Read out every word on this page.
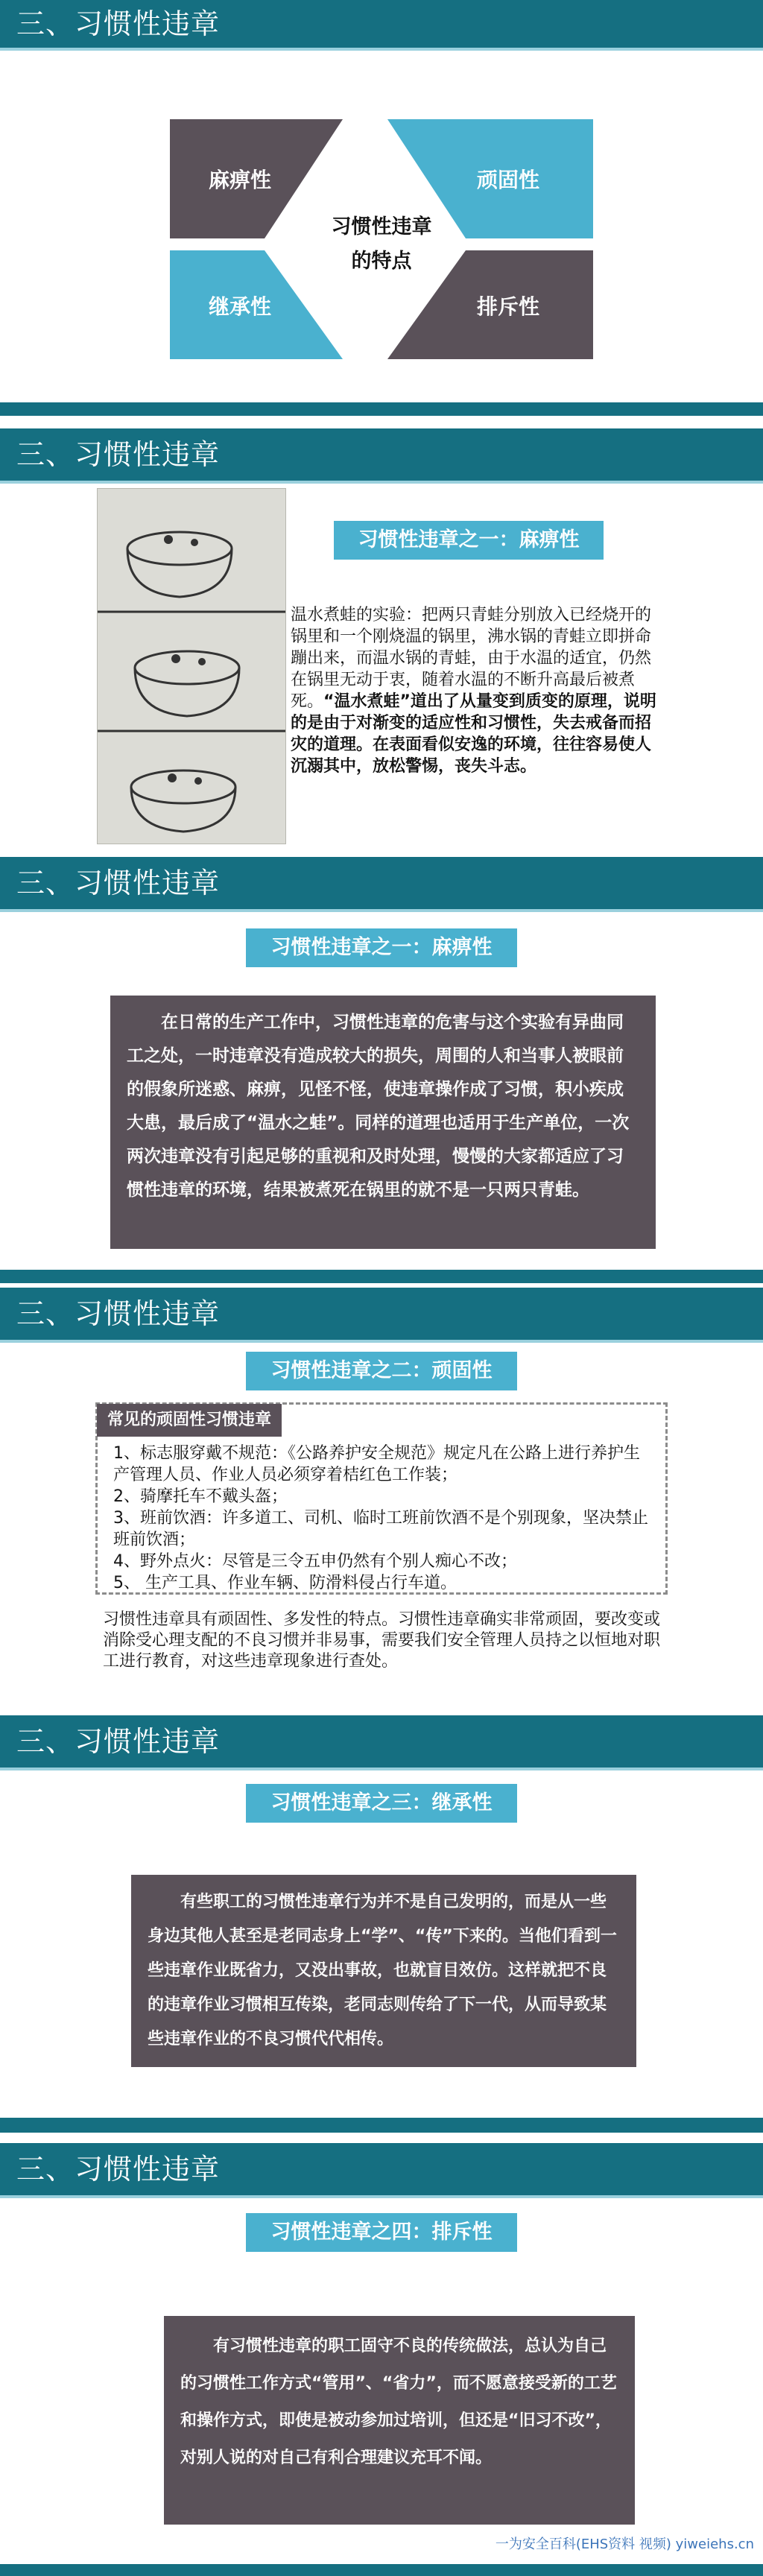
三、习惯性违章
麻痹性	顽固性
继承性	排斥性
习惯性违章
的特点
三、习惯性违章
习惯性违章之一：麻痹性
温水煮蛙的实验：把两只青蛙分别放入已经烧开的　锅里和一个刚烧温的锅里，沸水锅的青蛙立即拼命　蹦出来，而温水锅的青蛙，由于水温的适宜，仍然在锅里无动于衷，随着水温的不断升高最后被煮死。“温水煮蛙”道出了从量变到质变的原理，说明的是由于对渐变的适应性和习惯性，失去戒备而招灾的道理。在表面看似安逸的环境，往往容易使人沉溺其中，放松警惕，丧失斗志。
三、习惯性违章
习惯性违章之一：麻痹性
在日常的生产工作中，习惯性违章的危害与这个实验有异曲同工之处，一时违章没有造成较大的损失，周围的人和当事人被眼前的假象所迷惑、麻痹，见怪不怪，使违章操作成了习惯，积小疾成大患，最后成了“温水之蛙”。同样的道理也适用于生产单位，一次两次违章没有引起足够的重视和及时处理，慢慢的大家都适应了习惯性违章的环境，结果被煮死在锅里的就不是一只两只青蛙。
三、习惯性违章
习惯性违章之二：顽固性
常见的顽固性习惯违章
1、标志服穿戴不规范：《公路养护安全规范》规定凡在公路上进行养护生产管理人员、作业人员必须穿着桔红色工作装；
2、骑摩托车不戴头盔；
3、班前饮酒：许多道工、司机、临时工班前饮酒不是个别现象，坚决禁止班前饮酒；
4、野外点火：尽管是三令五申仍然有个别人痴心不改；
5、 生产工具、作业车辆、防滑料侵占行车道。
习惯性违章具有顽固性、多发性的特点。习惯性违章确实非常顽固，要改变或消除受心理支配的不良习惯并非易事，需要我们安全管理人员持之以恒地对职工进行教育，对这些违章现象进行查处。
三、习惯性违章
习惯性违章之三：继承性
有些职工的习惯性违章行为并不是自己发明的，而是从一些身边其他人甚至是老同志身上“学”、“传”下来的。当他们看到一些违章作业既省力，又没出事故，也就盲目效仿。这样就把不良的违章作业习惯相互传染，老同志则传给了下一代，从而导致某些违章作业的不良习惯代代相传。
三、习惯性违章
习惯性违章之四：排斥性
有习惯性违章的职工固守不良的传统做法，总认为自己的习惯性工作方式“管用”、“省力”，而不愿意接受新的工艺和操作方式，即使是被动参加过培训，但还是“旧习不改”，对别人说的对自己有利合理建议充耳不闻。
一为安全百科(EHS资料 视频) yiweiehs.cn
